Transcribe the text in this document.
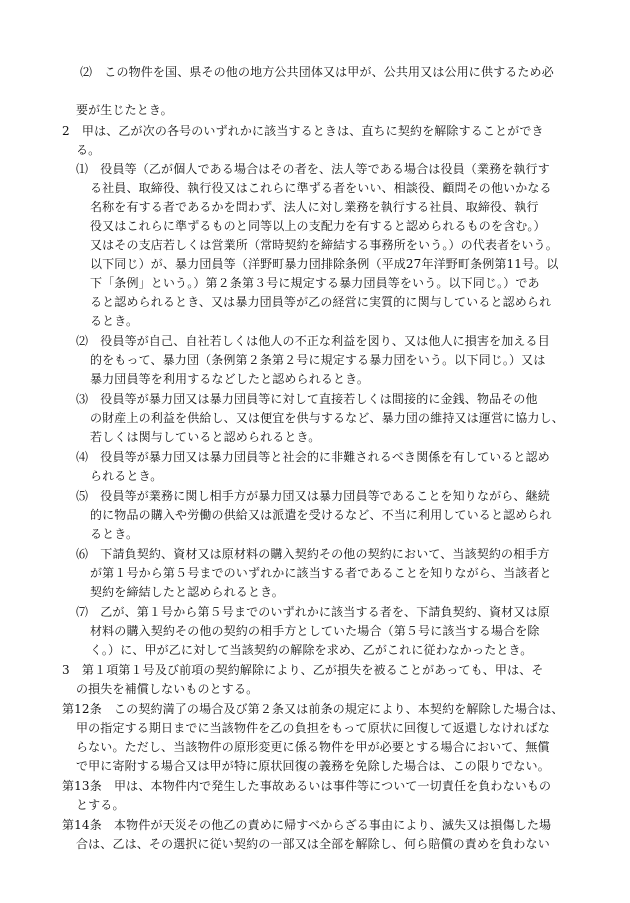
⑵　この物件を国、県その他の地方公共団体又は甲が、公共用又は公用に供するため必
要が生じたとき。
2　甲は、乙が次の各号のいずれかに該当するときは、直ちに契約を解除することができ
る。
⑴　役員等（乙が個人である場合はその者を、法人等である場合は役員（業務を執行す
る社員、取締役、執行役又はこれらに準ずる者をいい、相談役、顧問その他いかなる
名称を有する者であるかを問わず、法人に対し業務を執行する社員、取締役、執行
役又はこれらに準ずるものと同等以上の支配力を有すると認められるものを含む。）
又はその支店若しくは営業所（常時契約を締結する事務所をいう。）の代表者をいう。
以下同じ）が、暴力団員等（洋野町暴力団排除条例（平成27年洋野町条例第11号。以
下「条例」という。）第２条第３号に規定する暴力団員等をいう。以下同じ。）であ
ると認められるとき、又は暴力団員等が乙の経営に実質的に関与していると認められ
るとき。
⑵　役員等が自己、自社若しくは他人の不正な利益を図り、又は他人に損害を加える目
的をもって、暴力団（条例第２条第２号に規定する暴力団をいう。以下同じ。）又は
暴力団員等を利用するなどしたと認められるとき。
⑶　役員等が暴力団又は暴力団員等に対して直接若しくは間接的に金銭、物品その他
の財産上の利益を供給し、又は便宜を供与するなど、暴力団の維持又は運営に協力し、
若しくは関与していると認められるとき。
⑷　役員等が暴力団又は暴力団員等と社会的に非難されるべき関係を有していると認め
られるとき。
⑸　役員等が業務に関し相手方が暴力団又は暴力団員等であることを知りながら、継続
的に物品の購入や労働の供給又は派遣を受けるなど、不当に利用していると認められ
るとき。
⑹　下請負契約、資材又は原材料の購入契約その他の契約において、当該契約の相手方
が第１号から第５号までのいずれかに該当する者であることを知りながら、当該者と
契約を締結したと認められるとき。
⑺　乙が、第１号から第５号までのいずれかに該当する者を、下請負契約、資材又は原
材料の購入契約その他の契約の相手方としていた場合（第５号に該当する場合を除
く。）に、甲が乙に対して当該契約の解除を求め、乙がこれに従わなかったとき。
3　第１項第１号及び前項の契約解除により、乙が損失を被ることがあっても、甲は、そ
の損失を補償しないものとする。
第12条　この契約満了の場合及び第２条又は前条の規定により、本契約を解除した場合は、
甲の指定する期日までに当該物件を乙の負担をもって原状に回復して返還しなければな
らない。ただし、当該物件の原形変更に係る物件を甲が必要とする場合において、無償
で甲に寄附する場合又は甲が特に原状回復の義務を免除した場合は、この限りでない。
第13条　甲は、本物件内で発生した事故あるいは事件等について一切責任を負わないもの
とする。
第14条　本物件が天災その他乙の責めに帰すべからざる事由により、滅失又は損傷した場
合は、乙は、その選択に従い契約の一部又は全部を解除し、何ら賠償の責めを負わない
